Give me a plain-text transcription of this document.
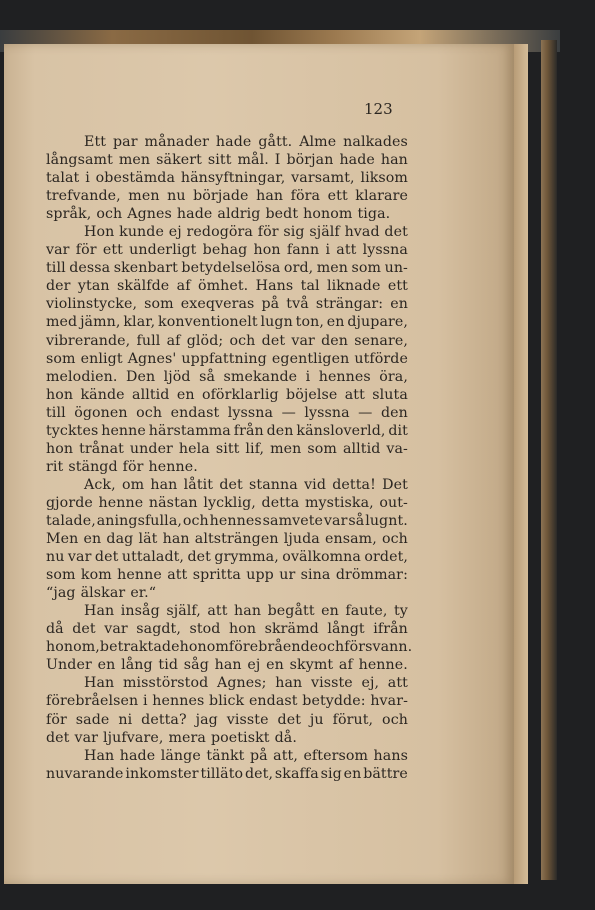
123
Ett par månader hade gått. Alme nalkades
långsamt men säkert sitt mål. I början hade han
talat i obestämda hänsyftningar, varsamt, liksom
trefvande, men nu började han föra ett klarare
språk, och Agnes hade aldrig bedt honom tiga.
Hon kunde ej redogöra för sig själf hvad det
var för ett underligt behag hon fann i att lyssna
till dessa skenbart betydelselösa ord, men som un-
der ytan skälfde af ömhet. Hans tal liknade ett
violinstycke, som exeqveras på två strängar: en
med jämn, klar, konventionelt lugn ton, en djupare,
vibrerande, full af glöd; och det var den senare,
som enligt Agnes' uppfattning egentligen utförde
melodien. Den ljöd så smekande i hennes öra,
hon kände alltid en oförklarlig böjelse att sluta
till ögonen och endast lyssna — lyssna — den
tycktes henne härstamma från den känsloverld, dit
hon trånat under hela sitt lif, men som alltid va-
rit stängd för henne.
Ack, om han låtit det stanna vid detta! Det
gjorde henne nästan lycklig, detta mystiska, out-
talade, aningsfulla, och hennes samvete var så lugnt.
Men en dag lät han altsträngen ljuda ensam, och
nu var det uttaladt, det grymma, ovälkomna ordet,
som kom henne att spritta upp ur sina drömmar:
“jag älskar er.“
Han insåg själf, att han begått en faute, ty
då det var sagdt, stod hon skrämd långt ifrån
honom, betraktade honom förebrående och försvann.
Under en lång tid såg han ej en skymt af henne.
Han misstörstod Agnes; han visste ej, att
förebråelsen i hennes blick endast betydde: hvar-
för sade ni detta? jag visste det ju förut, och
det var ljufvare, mera poetiskt då.
Han hade länge tänkt på att, eftersom hans
nuvarande inkomster tilläto det, skaffa sig en bättre
